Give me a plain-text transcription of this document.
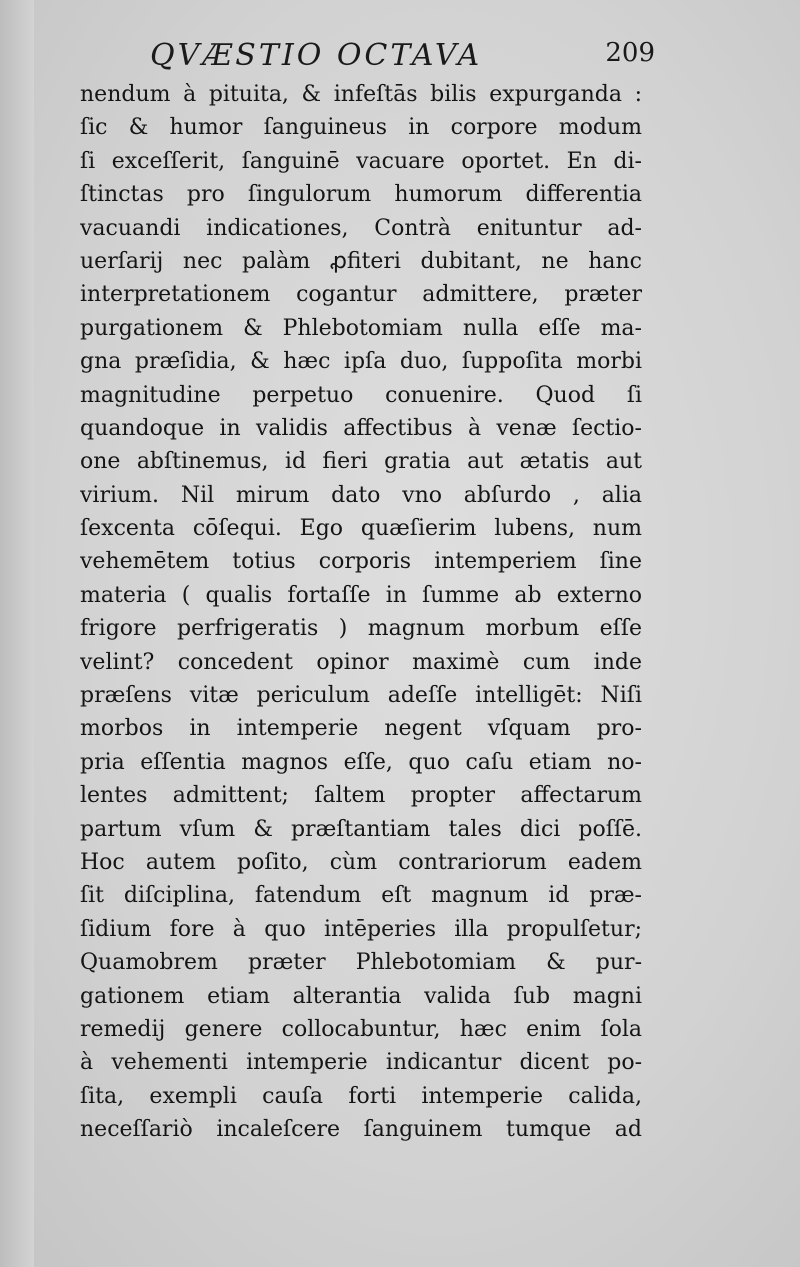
QVÆSTIO OCTAVA	209
nendum à pituita, & infeſtās bilis expurganda :
ſic & humor ſanguineus in corpore modum
ſi exceſſerit, ſanguinē vacuare oportet. En di-
ſtinctas pro ſingulorum humorum differentia
vacuandi indicationes, Contrà enituntur ad-
uerſarij nec palàm ꝓfiteri dubitant, ne hanc
interpretationem cogantur admittere, præter
purgationem & Phlebotomiam nulla eſſe ma-
gna præſidia, & hæc ipſa duo, ſuppoſita morbi
magnitudine perpetuo conuenire. Quod ſi
quandoque in validis affectibus à venæ ſectio-
one abſtinemus, id fieri gratia aut ætatis aut
virium. Nil mirum dato vno abſurdo , alia
ſexcenta cōſequi. Ego quæſierim lubens, num
vehemētem totius corporis intemperiem ſine
materia ( qualis fortaſſe in ſumme ab externo
frigore perfrigeratis ) magnum morbum eſſe
velint? concedent opinor maximè cum inde
præſens vitæ periculum adeſſe intelligēt: Niſi
morbos in intemperie negent vſquam pro-
pria eſſentia magnos eſſe, quo caſu etiam no-
lentes admittent; ſaltem propter affectarum
partum vſum & præſtantiam tales dici poſſē.
Hoc autem poſito, cùm contrariorum eadem
ſit diſciplina, fatendum eſt magnum id præ-
ſidium fore à quo intēperies illa propulſetur;
Quamobrem præter Phlebotomiam & pur-
gationem etiam alterantia valida ſub magni
remedij genere collocabuntur, hæc enim ſola
à vehementi intemperie indicantur dicent po-
ſita, exempli cauſa forti intemperie calida,
neceſſariò incaleſcere ſanguinem tumque ad
